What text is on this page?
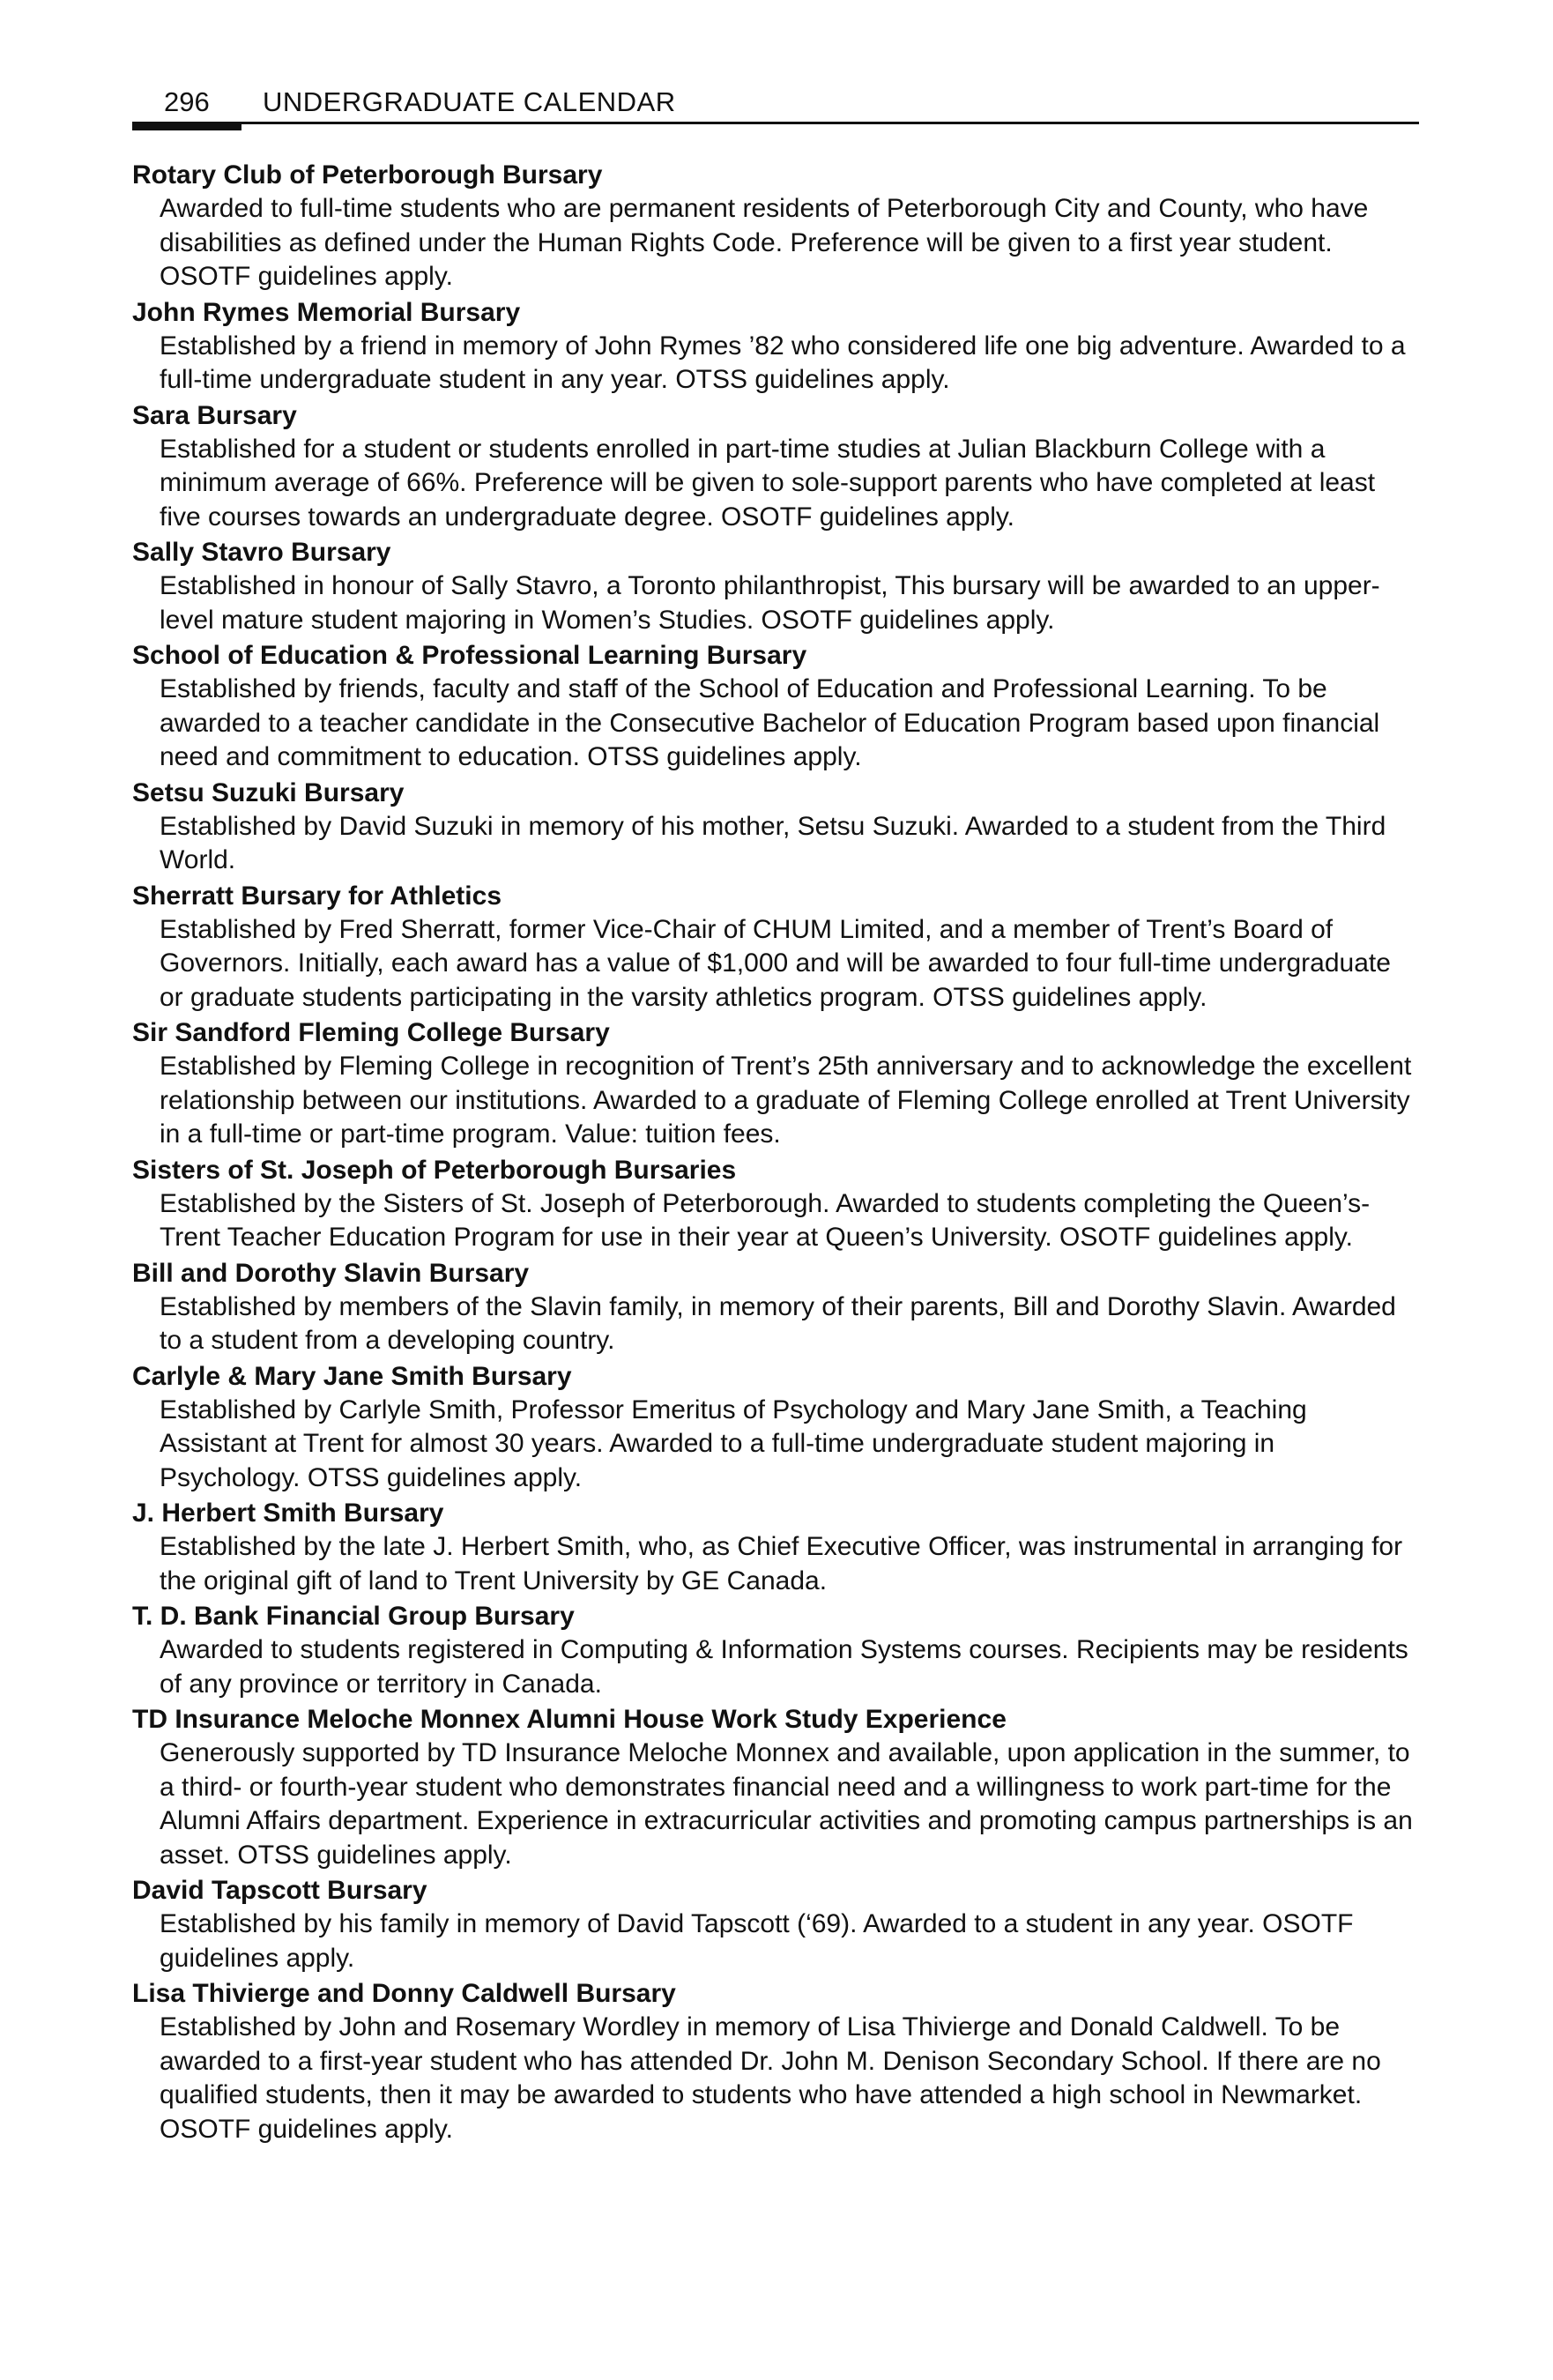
296 UNDERGRADUATE CALENDAR
Rotary Club of Peterborough Bursary
Awarded to full-time students who are permanent residents of Peterborough City and County, who have disabilities as defined under the Human Rights Code. Preference will be given to a first year student. OSOTF guidelines apply.
John Rymes Memorial Bursary
Established by a friend in memory of John Rymes ’82 who considered life one big adventure. Awarded to a full-time undergraduate student in any year. OTSS guidelines apply.
Sara Bursary
Established for a student or students enrolled in part-time studies at Julian Blackburn College with a minimum average of 66%. Preference will be given to sole-support parents who have completed at least five courses towards an undergraduate degree. OSOTF guidelines apply.
Sally Stavro Bursary
Established in honour of Sally Stavro, a Toronto philanthropist, This bursary will be awarded to an upper-level mature student majoring in Women’s Studies. OSOTF guidelines apply.
School of Education & Professional Learning Bursary
Established by friends, faculty and staff of the School of Education and Professional Learning. To be awarded to a teacher candidate in the Consecutive Bachelor of Education Program based upon financial need and commitment to education. OTSS guidelines apply.
Setsu Suzuki Bursary
Established by David Suzuki in memory of his mother, Setsu Suzuki. Awarded to a student from the Third World.
Sherratt Bursary for Athletics
Established by Fred Sherratt, former Vice-Chair of CHUM Limited, and a member of Trent’s Board of Governors. Initially, each award has a value of $1,000 and will be awarded to four full-time undergraduate or graduate students participating in the varsity athletics program. OTSS guidelines apply.
Sir Sandford Fleming College Bursary
Established by Fleming College in recognition of Trent’s 25th anniversary and to acknowledge the excellent relationship between our institutions. Awarded to a graduate of Fleming College enrolled at Trent University in a full-time or part-time program. Value: tuition fees.
Sisters of St. Joseph of Peterborough Bursaries
Established by the Sisters of St. Joseph of Peterborough. Awarded to students completing the Queen’s-Trent Teacher Education Program for use in their year at Queen’s University. OSOTF guidelines apply.
Bill and Dorothy Slavin Bursary
Established by members of the Slavin family, in memory of their parents, Bill and Dorothy Slavin. Awarded to a student from a developing country.
Carlyle & Mary Jane Smith Bursary
Established by Carlyle Smith, Professor Emeritus of Psychology and Mary Jane Smith, a Teaching Assistant at Trent for almost 30 years. Awarded to a full-time undergraduate student majoring in Psychology. OTSS guidelines apply.
J. Herbert Smith Bursary
Established by the late J. Herbert Smith, who, as Chief Executive Officer, was instrumental in arranging for the original gift of land to Trent University by GE Canada.
T. D. Bank Financial Group Bursary
Awarded to students registered in Computing & Information Systems courses. Recipients may be residents of any province or territory in Canada.
TD Insurance Meloche Monnex Alumni House Work Study Experience
Generously supported by TD Insurance Meloche Monnex and available, upon application in the summer, to a third- or fourth-year student who demonstrates financial need and a willingness to work part-time for the Alumni Affairs department. Experience in extracurricular activities and promoting campus partnerships is an asset. OTSS guidelines apply.
David Tapscott Bursary
Established by his family in memory of David Tapscott (‘69). Awarded to a student in any year. OSOTF guidelines apply.
Lisa Thivierge and Donny Caldwell Bursary
Established by John and Rosemary Wordley in memory of Lisa Thivierge and Donald Caldwell. To be awarded to a first-year student who has attended Dr. John M. Denison Secondary School. If there are no qualified students, then it may be awarded to students who have attended a high school in Newmarket. OSOTF guidelines apply.
